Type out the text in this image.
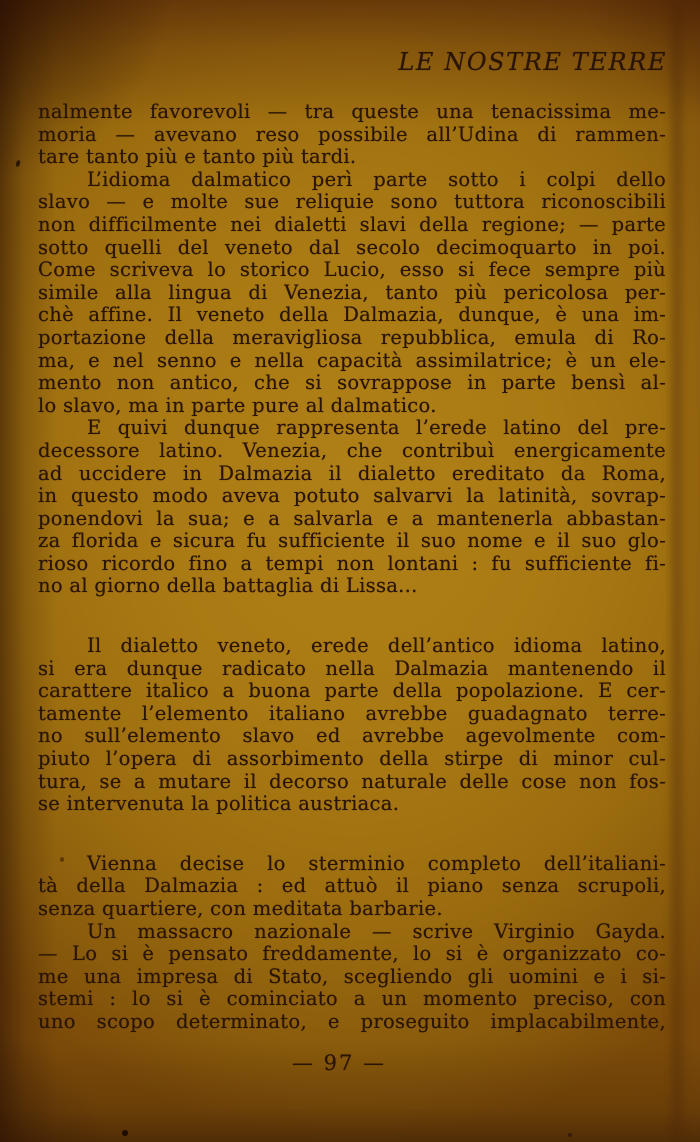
LE NOSTRE TERRE
nalmente favorevoli — tra queste una tenacissima me-
moria — avevano reso possibile all’Udina di rammen-
tare tanto più e tanto più tardi.
L’idioma dalmatico perì parte sotto i colpi dello
slavo — e molte sue reliquie sono tuttora riconoscibili
non difficilmente nei dialetti slavi della regione; — parte
sotto quelli del veneto dal secolo decimoquarto in poi.
Come scriveva lo storico Lucio, esso si fece sempre più
simile alla lingua di Venezia, tanto più pericolosa per-
chè affine. Il veneto della Dalmazia, dunque, è una im-
portazione della meravigliosa repubblica, emula di Ro-
ma, e nel senno e nella capacità assimilatrice; è un ele-
mento non antico, che si sovrappose in parte bensì al-
lo slavo, ma in parte pure al dalmatico.
E quivi dunque rappresenta l’erede latino del pre-
decessore latino. Venezia, che contribuì energicamente
ad uccidere in Dalmazia il dialetto ereditato da Roma,
in questo modo aveva potuto salvarvi la latinità, sovrap-
ponendovi la sua; e a salvarla e a mantenerla abbastan-
za florida e sicura fu sufficiente il suo nome e il suo glo-
rioso ricordo fino a tempi non lontani : fu sufficiente fi-
no al giorno della battaglia di Lissa...
Il dialetto veneto, erede dell’antico idioma latino,
si era dunque radicato nella Dalmazia mantenendo il
carattere italico a buona parte della popolazione. E cer-
tamente l’elemento italiano avrebbe guadagnato terre-
no sull’elemento slavo ed avrebbe agevolmente com-
piuto l’opera di assorbimento della stirpe di minor cul-
tura, se a mutare il decorso naturale delle cose non fos-
se intervenuta la politica austriaca.
Vienna decise lo sterminio completo dell’italiani-
tà della Dalmazia : ed attuò il piano senza scrupoli,
senza quartiere, con meditata barbarie.
Un massacro nazionale — scrive Virginio Gayda.
— Lo si è pensato freddamente, lo si è organizzato co-
me una impresa di Stato, scegliendo gli uomini e i si-
stemi : lo si è cominciato a un momento preciso, con
uno scopo determinato, e proseguito implacabilmente,
— 97 —
